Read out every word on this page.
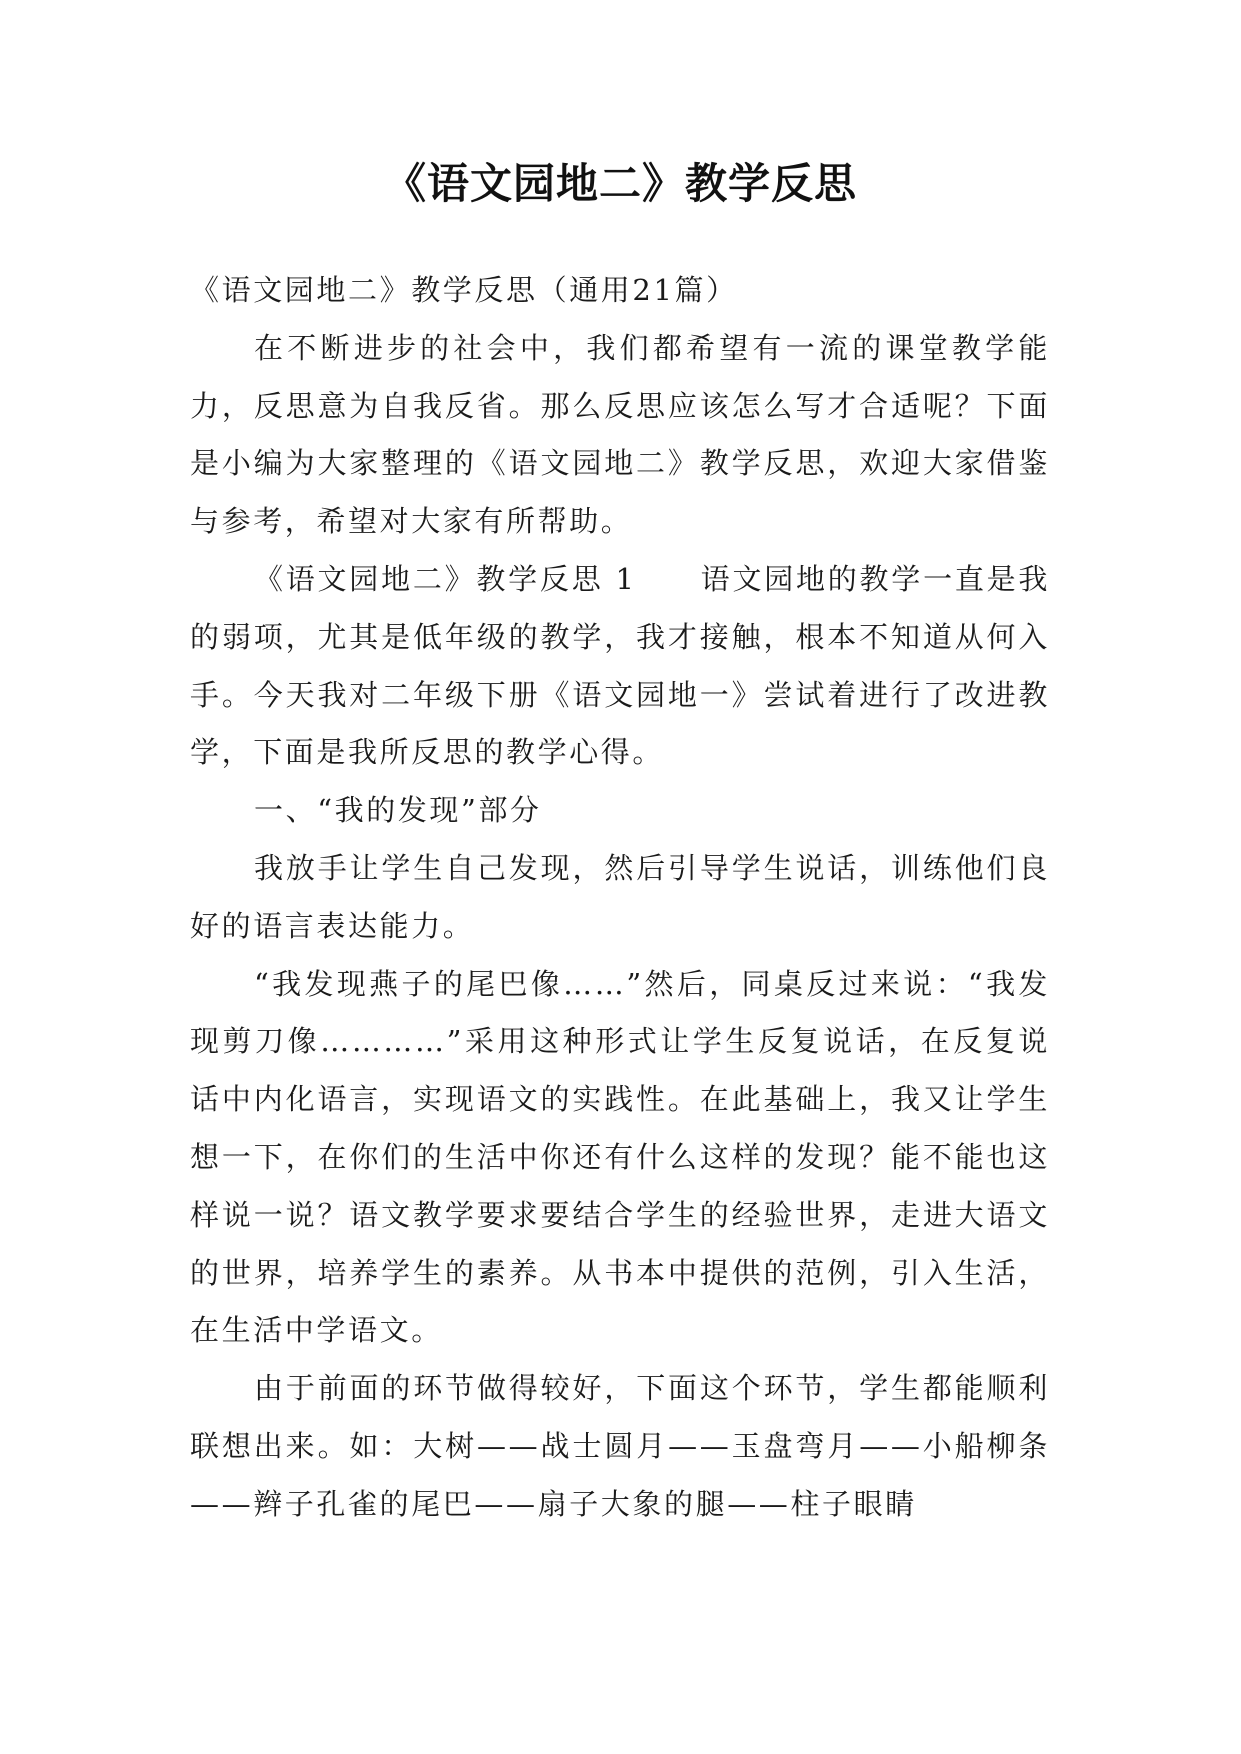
《语文园地二》教学反思

《语文园地二》教学反思（通用21篇）

在不断进步的社会中，我们都希望有一流的课堂教学能力，反思意为自我反省。那么反思应该怎么写才合适呢？下面是小编为大家整理的《语文园地二》教学反思，欢迎大家借鉴与参考，希望对大家有所帮助。

《语文园地二》教学反思 1 语文园地的教学一直是我的弱项，尤其是低年级的教学，我才接触，根本不知道从何入手。今天我对二年级下册《语文园地一》尝试着进行了改进教学，下面是我所反思的教学心得。

一、“我的发现”部分

我放手让学生自己发现，然后引导学生说话，训练他们良好的语言表达能力。

“我发现燕子的尾巴像……”然后，同桌反过来说：“我发现剪刀像…………”采用这种形式让学生反复说话，在反复说话中内化语言，实现语文的实践性。在此基础上，我又让学生想一下，在你们的生活中你还有什么这样的发现？能不能也这样说一说？语文教学要求要结合学生的经验世界，走进大语文的世界，培养学生的素养。从书本中提供的范例，引入生活，在生活中学语文。

由于前面的环节做得较好，下面这个环节，学生都能顺利联想出来。如：大树——战士圆月——玉盘弯月——小船柳条——辫子孔雀的尾巴——扇子大象的腿——柱子眼睛
